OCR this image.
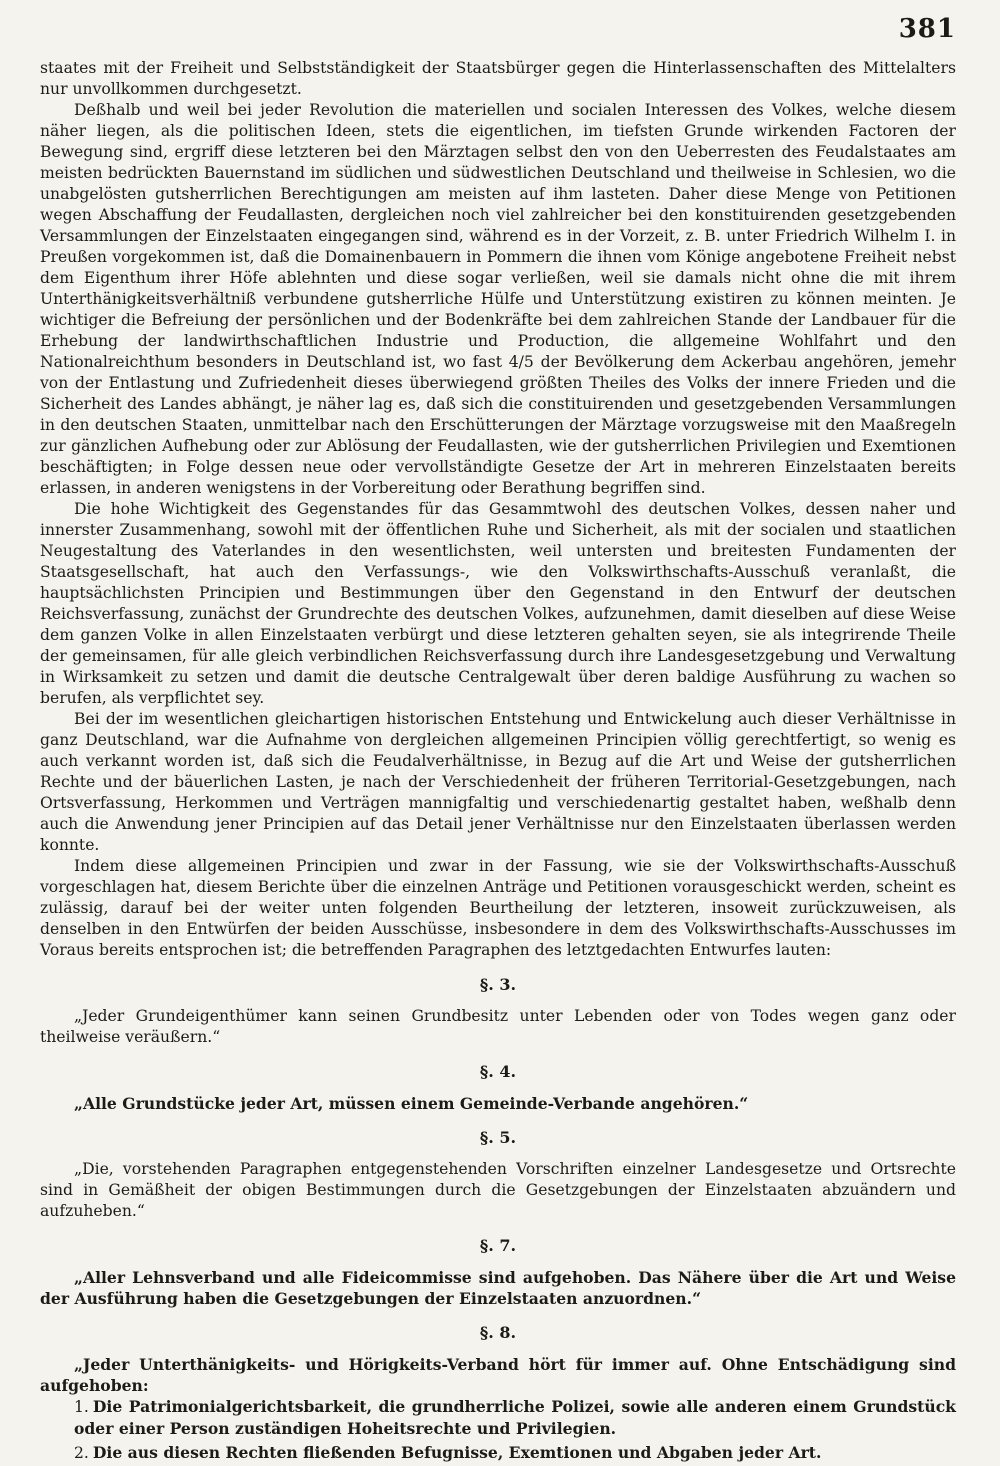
381

staates mit der Freiheit und Selbstständigkeit der Staatsbürger gegen die Hinterlassenschaften des Mittelalters nur unvollkommen durchgesetzt.

Deßhalb und weil bei jeder Revolution die materiellen und socialen Interessen des Volkes, welche diesem näher liegen, als die politischen Ideen, stets die eigentlichen, im tiefsten Grunde wirkenden Factoren der Bewegung sind, ergriff diese letzteren bei den Märztagen selbst den von den Ueberresten des Feudalstaates am meisten bedrückten Bauernstand im südlichen und südwestlichen Deutschland und theilweise in Schlesien, wo die unabgelösten gutsherrlichen Berechtigungen am meisten auf ihm lasteten. Daher diese Menge von Petitionen wegen Abschaffung der Feudallasten, dergleichen noch viel zahlreicher bei den konstituirenden gesetzgebenden Versammlungen der Einzelstaaten eingegangen sind, während es in der Vorzeit, z. B. unter Friedrich Wilhelm I. in Preußen vorgekommen ist, daß die Domainenbauern in Pommern die ihnen vom Könige angebotene Freiheit nebst dem Eigenthum ihrer Höfe ablehnten und diese sogar verließen, weil sie damals nicht ohne die mit ihrem Unterthänigkeitsverhältniß verbundene gutsherrliche Hülfe und Unterstützung existiren zu können meinten. Je wichtiger die Befreiung der persönlichen und der Bodenkräfte bei dem zahlreichen Stande der Landbauer für die Erhebung der landwirthschaftlichen Industrie und Production, die allgemeine Wohlfahrt und den Nationalreichthum besonders in Deutschland ist, wo fast 4/5 der Bevölkerung dem Ackerbau angehören, jemehr von der Entlastung und Zufriedenheit dieses überwiegend größten Theiles des Volks der innere Frieden und die Sicherheit des Landes abhängt, je näher lag es, daß sich die constituirenden und gesetzgebenden Versammlungen in den deutschen Staaten, unmittelbar nach den Erschütterungen der Märztage vorzugsweise mit den Maaßregeln zur gänzlichen Aufhebung oder zur Ablösung der Feudallasten, wie der gutsherrlichen Privilegien und Exemtionen beschäftigten; in Folge dessen neue oder vervollständigte Gesetze der Art in mehreren Einzelstaaten bereits erlassen, in anderen wenigstens in der Vorbereitung oder Berathung begriffen sind.

Die hohe Wichtigkeit des Gegenstandes für das Gesammtwohl des deutschen Volkes, dessen naher und innerster Zusammenhang, sowohl mit der öffentlichen Ruhe und Sicherheit, als mit der socialen und staatlichen Neugestaltung des Vaterlandes in den wesentlichsten, weil untersten und breitesten Fundamenten der Staatsgesellschaft, hat auch den Verfassungs-, wie den Volkswirthschafts-Ausschuß veranlaßt, die hauptsächlichsten Principien und Bestimmungen über den Gegenstand in den Entwurf der deutschen Reichsverfassung, zunächst der Grundrechte des deutschen Volkes, aufzunehmen, damit dieselben auf diese Weise dem ganzen Volke in allen Einzelstaaten verbürgt und diese letzteren gehalten seyen, sie als integrirende Theile der gemeinsamen, für alle gleich verbindlichen Reichsverfassung durch ihre Landesgesetzgebung und Verwaltung in Wirksamkeit zu setzen und damit die deutsche Centralgewalt über deren baldige Ausführung zu wachen so berufen, als verpflichtet sey.

Bei der im wesentlichen gleichartigen historischen Entstehung und Entwickelung auch dieser Verhältnisse in ganz Deutschland, war die Aufnahme von dergleichen allgemeinen Principien völlig gerechtfertigt, so wenig es auch verkannt worden ist, daß sich die Feudalverhältnisse, in Bezug auf die Art und Weise der gutsherrlichen Rechte und der bäuerlichen Lasten, je nach der Verschiedenheit der früheren Territorial-Gesetzgebungen, nach Ortsverfassung, Herkommen und Verträgen mannigfaltig und verschiedenartig gestaltet haben, weßhalb denn auch die Anwendung jener Principien auf das Detail jener Verhältnisse nur den Einzelstaaten überlassen werden konnte.

Indem diese allgemeinen Principien und zwar in der Fassung, wie sie der Volkswirthschafts-Ausschuß vorgeschlagen hat, diesem Berichte über die einzelnen Anträge und Petitionen vorausgeschickt werden, scheint es zulässig, darauf bei der weiter unten folgenden Beurtheilung der letzteren, insoweit zurückzuweisen, als denselben in den Entwürfen der beiden Ausschüsse, insbesondere in dem des Volkswirthschafts-Ausschusses im Voraus bereits entsprochen ist; die betreffenden Paragraphen des letztgedachten Entwurfes lauten:

§. 3.

„Jeder Grundeigenthümer kann seinen Grundbesitz unter Lebenden oder von Todes wegen ganz oder theilweise veräußern.“

§. 4.

„Alle Grundstücke jeder Art, müssen einem Gemeinde-Verbande angehören.“

§. 5.

„Die, vorstehenden Paragraphen entgegenstehenden Vorschriften einzelner Landesgesetze und Ortsrechte sind in Gemäßheit der obigen Bestimmungen durch die Gesetzgebungen der Einzelstaaten abzuändern und aufzuheben.“

§. 7.

„Aller Lehnsverband und alle Fideicommisse sind aufgehoben. Das Nähere über die Art und Weise der Ausführung haben die Gesetzgebungen der Einzelstaaten anzuordnen.“

§. 8.

„Jeder Unterthänigkeits- und Hörigkeits-Verband hört für immer auf. Ohne Entschädigung sind aufgehoben:

1. Die Patrimonialgerichtsbarkeit, die grundherrliche Polizei, sowie alle anderen einem Grundstück oder einer Person zuständigen Hoheitsrechte und Privilegien.
2. Die aus diesen Rechten fließenden Befugnisse, Exemtionen und Abgaben jeder Art.
